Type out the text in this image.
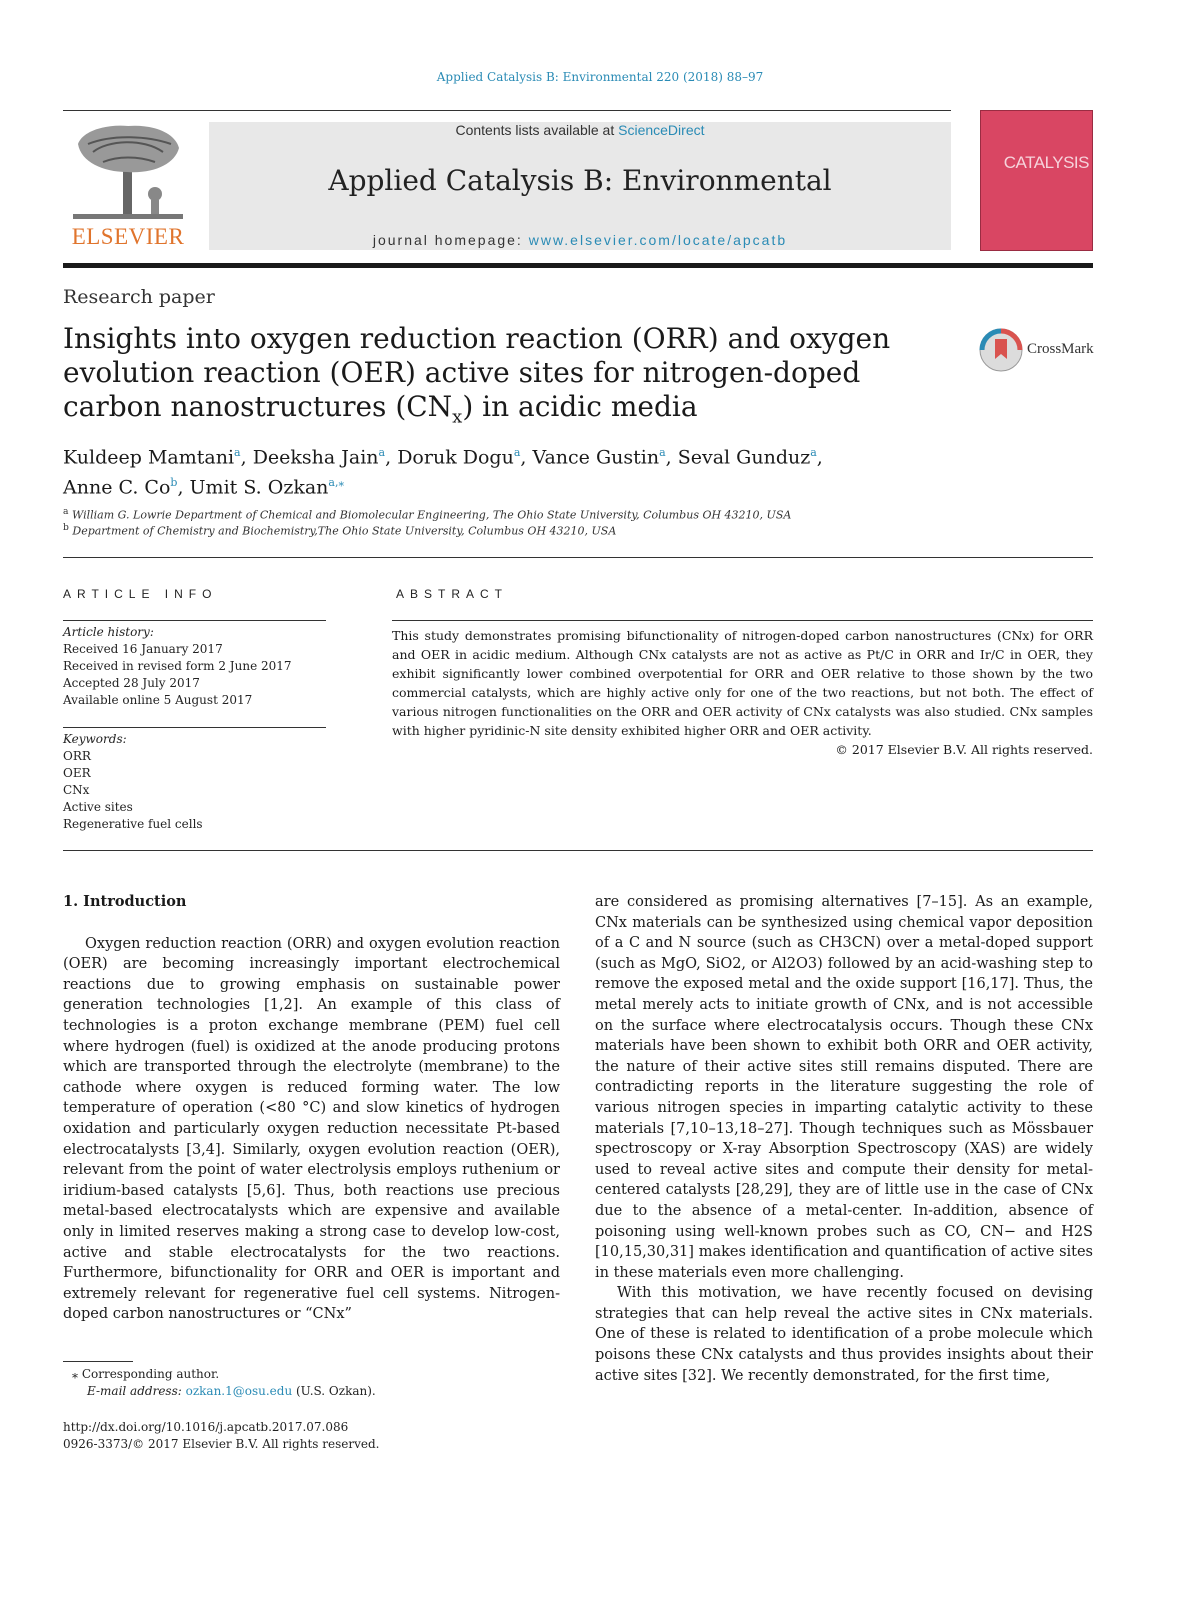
Applied Catalysis B: Environmental 220 (2018) 88–97
ELSEVIER
Contents lists available at ScienceDirect
Applied Catalysis B: Environmental
journal homepage: www.elsevier.com/locate/apcatb
CATALYSIS
Research paper
Insights into oxygen reduction reaction (ORR) and oxygen evolution reaction (OER) active sites for nitrogen-doped carbon nanostructures $(CN_x)$ in acidic media
CrossMark
Kuldeep Mamtani$^a$, Deeksha Jain$^a$, Doruk Dogu$^a$, Vance Gustin$^a$, Seval Gunduz$^a$,
Anne C. Co$^b$, Umit S. Ozkan$^{a,⁎}$
$^a$ William G. Lowrie Department of Chemical and Biomolecular Engineering, The Ohio State University, Columbus OH 43210, USA
$^b$ Department of Chemistry and Biochemistry,The Ohio State University, Columbus OH 43210, USA
ARTICLE INFO
Article history:
Received 16 January 2017
Received in revised form 2 June 2017
Accepted 28 July 2017
Available online 5 August 2017
Keywords:
ORR
OER
CNx
Active sites
Regenerative fuel cells
ABSTRACT
This study demonstrates promising bifunctionality of nitrogen-doped carbon nanostructures (CNx) for ORR and OER in acidic medium. Although CNx catalysts are not as active as Pt/C in ORR and Ir/C in OER, they exhibit significantly lower combined overpotential for ORR and OER relative to those shown by the two commercial catalysts, which are highly active only for one of the two reactions, but not both. The effect of various nitrogen functionalities on the ORR and OER activity of CNx catalysts was also studied. CNx samples with higher pyridinic-N site density exhibited higher ORR and OER activity.
© 2017 Elsevier B.V. All rights reserved.
1. Introduction

Oxygen reduction reaction (ORR) and oxygen evolution reaction (OER) are becoming increasingly important electrochemical reactions due to growing emphasis on sustainable power generation technologies [1,2]. An example of this class of technologies is a proton exchange membrane (PEM) fuel cell where hydrogen (fuel) is oxidized at the anode producing protons which are transported through the electrolyte (membrane) to the cathode where oxygen is reduced forming water. The low temperature of operation (<80 °C) and slow kinetics of hydrogen oxidation and particularly oxygen reduction necessitate Pt-based electrocatalysts [3,4]. Similarly, oxygen evolution reaction (OER), relevant from the point of water electrolysis employs ruthenium or iridium-based catalysts [5,6]. Thus, both reactions use precious metal-based electrocatalysts which are expensive and available only in limited reserves making a strong case to develop low-cost, active and stable electrocatalysts for the two reactions. Furthermore, bifunctionality for ORR and OER is important and extremely relevant for regenerative fuel cell systems. Nitrogen-doped carbon nanostructures or “CNx”

are considered as promising alternatives [7–15]. As an example, CNx materials can be synthesized using chemical vapor deposition of a C and N source (such as CH3CN) over a metal-doped support (such as MgO, SiO2, or Al2O3) followed by an acid-washing step to remove the exposed metal and the oxide support [16,17]. Thus, the metal merely acts to initiate growth of CNx, and is not accessible on the surface where electrocatalysis occurs. Though these CNx materials have been shown to exhibit both ORR and OER activity, the nature of their active sites still remains disputed. There are contradicting reports in the literature suggesting the role of various nitrogen species in imparting catalytic activity to these materials [7,10–13,18–27]. Though techniques such as Mössbauer spectroscopy or X-ray Absorption Spectroscopy (XAS) are widely used to reveal active sites and compute their density for metal-centered catalysts [28,29], they are of little use in the case of CNx due to the absence of a metal-center. In-addition, absence of poisoning using well-known probes such as CO, CN− and H2S [10,15,30,31] makes identification and quantification of active sites in these materials even more challenging.

With this motivation, we have recently focused on devising strategies that can help reveal the active sites in CNx materials. One of these is related to identification of a probe molecule which poisons these CNx catalysts and thus provides insights about their active sites [32]. We recently demonstrated, for the first time,

⁎ Corresponding author.
E-mail address: ozkan.1@osu.edu (U.S. Ozkan).
http://dx.doi.org/10.1016/j.apcatb.2017.07.086
0926-3373/© 2017 Elsevier B.V. All rights reserved.
